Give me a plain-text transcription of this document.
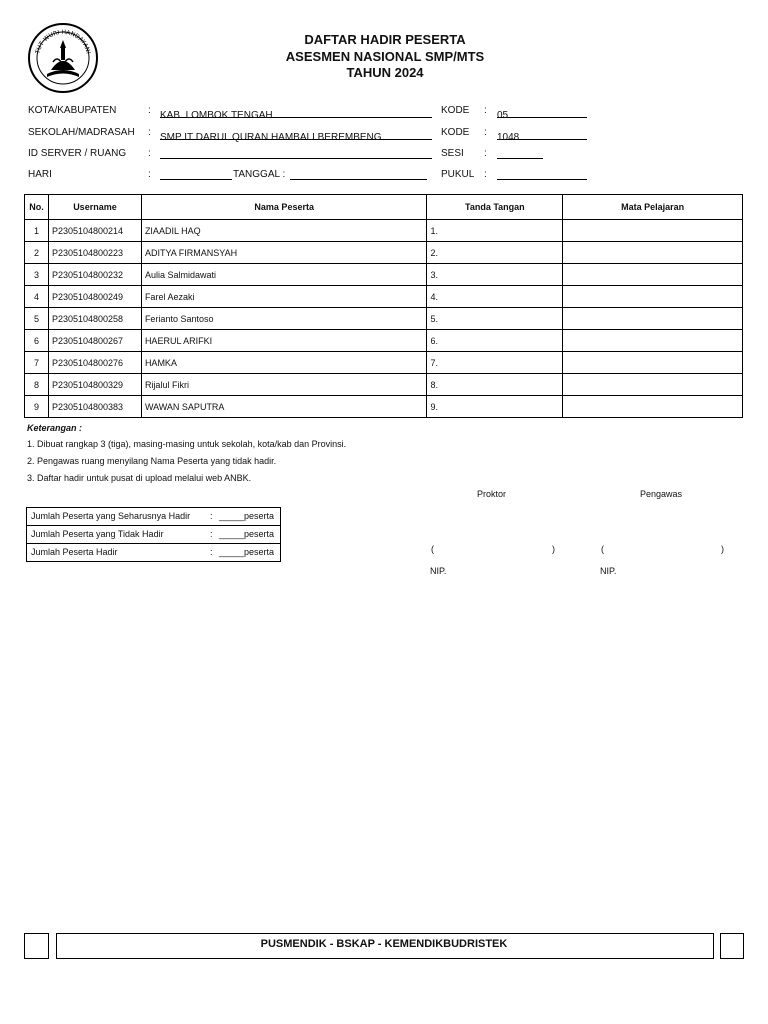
TUT WURI HANDAYANI
DAFTAR HADIR PESERTA
ASESMEN NASIONAL SMP/MTS
TAHUN 2024
KOTA/KABUPATEN	: KAB. LOMBOK TENGAH	KODE : 05
SEKOLAH/MADRASAH : SMP IT DARUL QURAN HAMBALI BEREMBENG	KODE : 1048
ID SERVER / RUANG :	SESI :
HARI	:	TANGGAL :	PUKUL :
No.	Username	Nama Peserta	Tanda Tangan	Mata Pelajaran
1	P2305104800214	ZIAADIL HAQ	1.	
2	P2305104800223	ADITYA FIRMANSYAH	2.	
3	P2305104800232	Aulia Salmidawati	3.	
4	P2305104800249	Farel Aezaki	4.	
5	P2305104800258	Ferianto Santoso	5.	
6	P2305104800267	HAERUL ARIFKI	6.	
7	P2305104800276	HAMKA	7.	
8	P2305104800329	Rijalul Fikri	8.	
9	P2305104800383	WAWAN SAPUTRA	9.	
Keterangan :
1. Dibuat rangkap 3 (tiga), masing-masing untuk sekolah, kota/kab dan Provinsi.
2. Pengawas ruang menyilang Nama Peserta yang tidak hadir.
3. Daftar hadir untuk pusat di upload melalui web ANBK.
Proktor	Pengawas
Jumlah Peserta yang Seharusnya Hadir : _____ peserta
Jumlah Peserta yang Tidak Hadir	: _____ peserta
Jumlah Peserta Hadir	: _____ peserta	(	)	(	)
NIP.	NIP.
PUSMENDIK - BSKAP - KEMENDIKBUDRISTEK
